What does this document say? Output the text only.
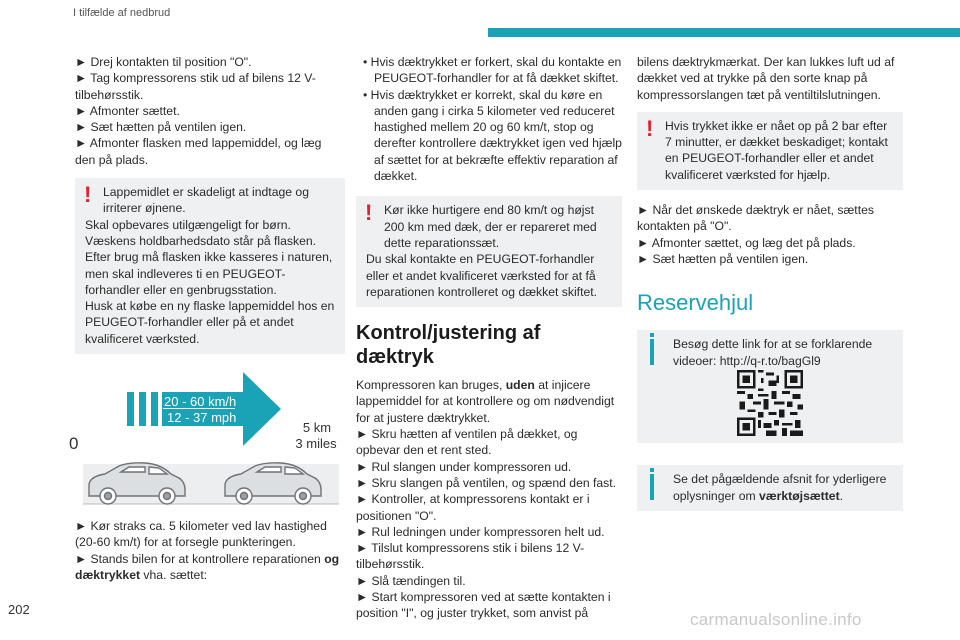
I tilfælde af nedbrud

► Drej kontakten til position "O".

► Tag kompressorens stik ud af bilens 12 V-tilbehørsstik.

► Afmonter sættet.

► Sæt hætten på ventilen igen.

► Afmonter flasken med lappemiddel, og læg den på plads.

! Lappemidlet er skadeligt at indtage og irriterer øjnene.

Skal opbevares utilgængeligt for børn.

Væskens holdbarhedsdato står på flasken.

Efter brug må flasken ikke kasseres i naturen, men skal indleveres ti en PEUGEOT-forhandler eller en genbrugsstation.

Husk at købe en ny flaske lappemiddel hos en PEUGEOT-forhandler eller på et andet kvalificeret værksted.

20 - 60 km/h
12 - 37 mph
0
5 km
3 miles

► Kør straks ca. 5 kilometer ved lav hastighed (20-60 km/t) for at forsegle punkteringen.

► Stands bilen for at kontrollere reparationen og dæktrykket vha. sættet:

• Hvis dæktrykket er forkert, skal du kontakte en PEUGEOT-forhandler for at få dækket skiftet.

• Hvis dæktrykket er korrekt, skal du køre en anden gang i cirka 5 kilometer ved reduceret hastighed mellem 20 og 60 km/t, stop og derefter kontrollere dæktrykket igen ved hjælp af sættet for at bekræfte effektiv reparation af dækket.

! Kør ikke hurtigere end 80 km/t og højst 200 km med dæk, der er repareret med dette reparationssæt.

Du skal kontakte en PEUGEOT-forhandler eller et andet kvalificeret værksted for at få reparationen kontrolleret og dækket skiftet.

Kontrol/justering af dæktryk

Kompressoren kan bruges, uden at injicere lappemiddel for at kontrollere og om nødvendigt for at justere dæktrykket.

► Skru hætten af ventilen på dækket, og opbevar den et rent sted.

► Rul slangen under kompressoren ud.

► Skru slangen på ventilen, og spænd den fast.

► Kontroller, at kompressorens kontakt er i positionen "O".

► Rul ledningen under kompressoren helt ud.

► Tilslut kompressorens stik i bilens 12 V-tilbehørsstik.

► Slå tændingen til.

► Start kompressoren ved at sætte kontakten i position "I", og juster trykket, som anvist på

bilens dæktrykmærkat. Der kan lukkes luft ud af dækket ved at trykke på den sorte knap på kompressorslangen tæt på ventiltilslutningen.

! Hvis trykket ikke er nået op på 2 bar efter 7 minutter, er dækket beskadiget; kontakt en PEUGEOT-forhandler eller et andet kvalificeret værksted for hjælp.

► Når det ønskede dæktryk er nået, sættes kontakten på "O".

► Afmonter sættet, og læg det på plads.

► Sæt hætten på ventilen igen.

Reservehjul

Besøg dette link for at se forklarende videoer: http://q-r.to/bagGl9

Se det pågældende afsnit for yderligere oplysninger om værktøjsættet.

202
carmanualsonline.info
